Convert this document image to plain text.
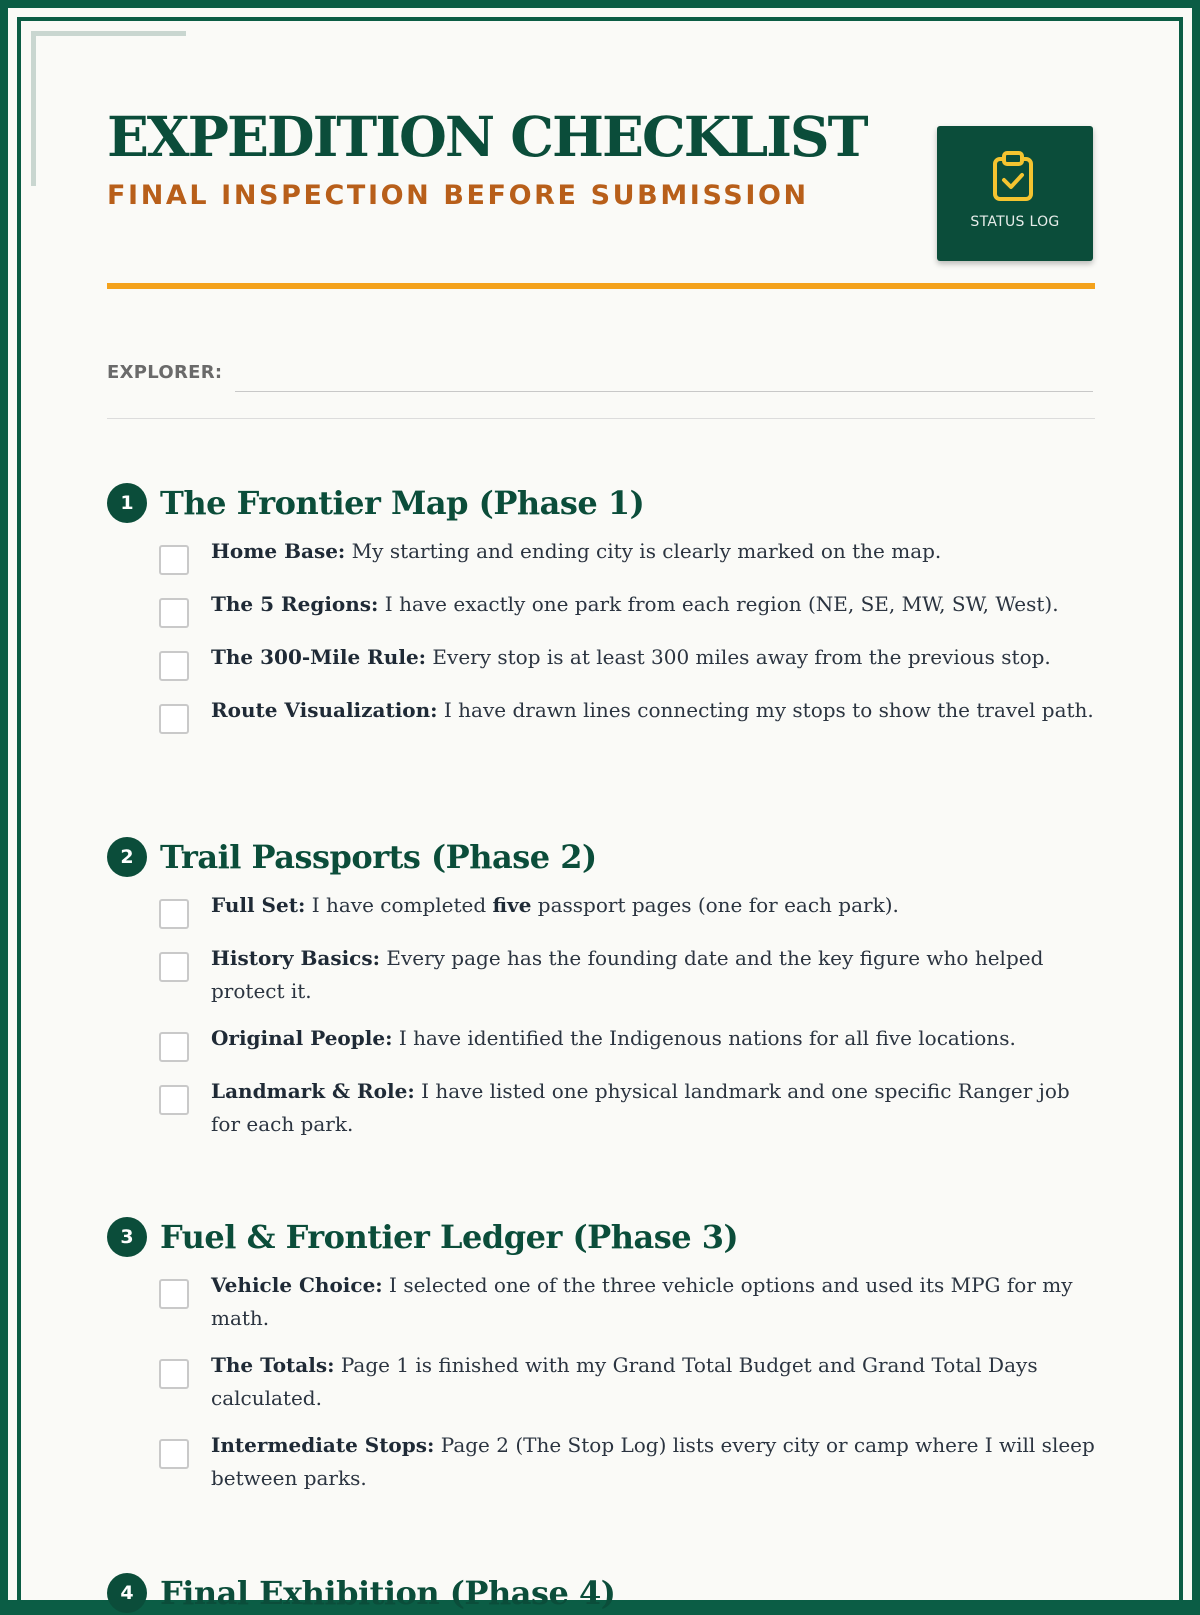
EXPEDITION CHECKLIST
FINAL INSPECTION BEFORE SUBMISSION
STATUS LOG
EXPLORER:
1 The Frontier Map (Phase 1)
Home Base: My starting and ending city is clearly marked on the map.
The 5 Regions: I have exactly one park from each region (NE, SE, MW, SW, West).
The 300-Mile Rule: Every stop is at least 300 miles away from the previous stop.
Route Visualization: I have drawn lines connecting my stops to show the travel path.
2 Trail Passports (Phase 2)
Full Set: I have completed five passport pages (one for each park).
History Basics: Every page has the founding date and the key figure who helped protect it.
Original People: I have identified the Indigenous nations for all five locations.
Landmark & Role: I have listed one physical landmark and one specific Ranger job for each park.
3 Fuel & Frontier Ledger (Phase 3)
Vehicle Choice: I selected one of the three vehicle options and used its MPG for my math.
The Totals: Page 1 is finished with my Grand Total Budget and Grand Total Days calculated.
Intermediate Stops: Page 2 (The Stop Log) lists every city or camp where I will sleep between parks.
4 Final Exhibition (Phase 4)
